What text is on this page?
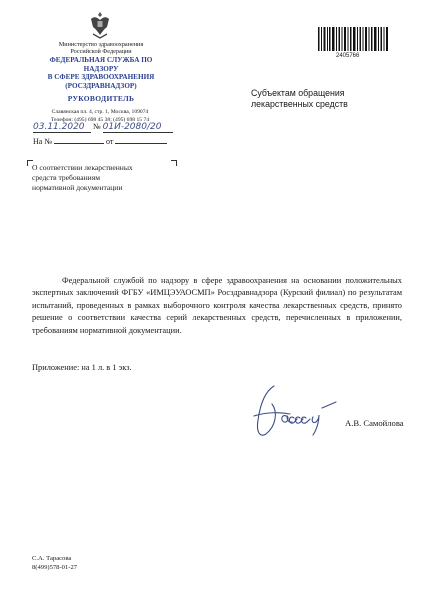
Министерство здравоохранения
Российской Федерации
ФЕДЕРАЛЬНАЯ СЛУЖБА ПО НАДЗОРУ
В СФЕРЕ ЗДРАВООХРАНЕНИЯ
(РОСЗДРАВНАДЗОР)
РУКОВОДИТЕЛЬ
Славянская пл. 4, стр. 1, Москва, 109074
Телефон: (495) 698 45 38; (495) 698 15 74
03.11.2020 № 01И-2080/20
На №	от
О соответствии лекарственных
средств требованиям
нормативной документации
2405766
Субъектам обращения
лекарственных средств
Федеральной службой по надзору в сфере здравоохранения на основании положительных экспертных заключений ФГБУ «ИМЦЭУАОСМП» Росздравнадзора (Курский филиал) по результатам испытаний, проведенных в рамках выборочного контроля качества лекарственных средств, принято решение о соответствии качества серий лекарственных средств, перечисленных в приложении, требованиям нормативной документации.
Приложение: на 1 л. в 1 экз.
А.В. Самойлова
С.А. Тарасова
8(499)578-01-27
